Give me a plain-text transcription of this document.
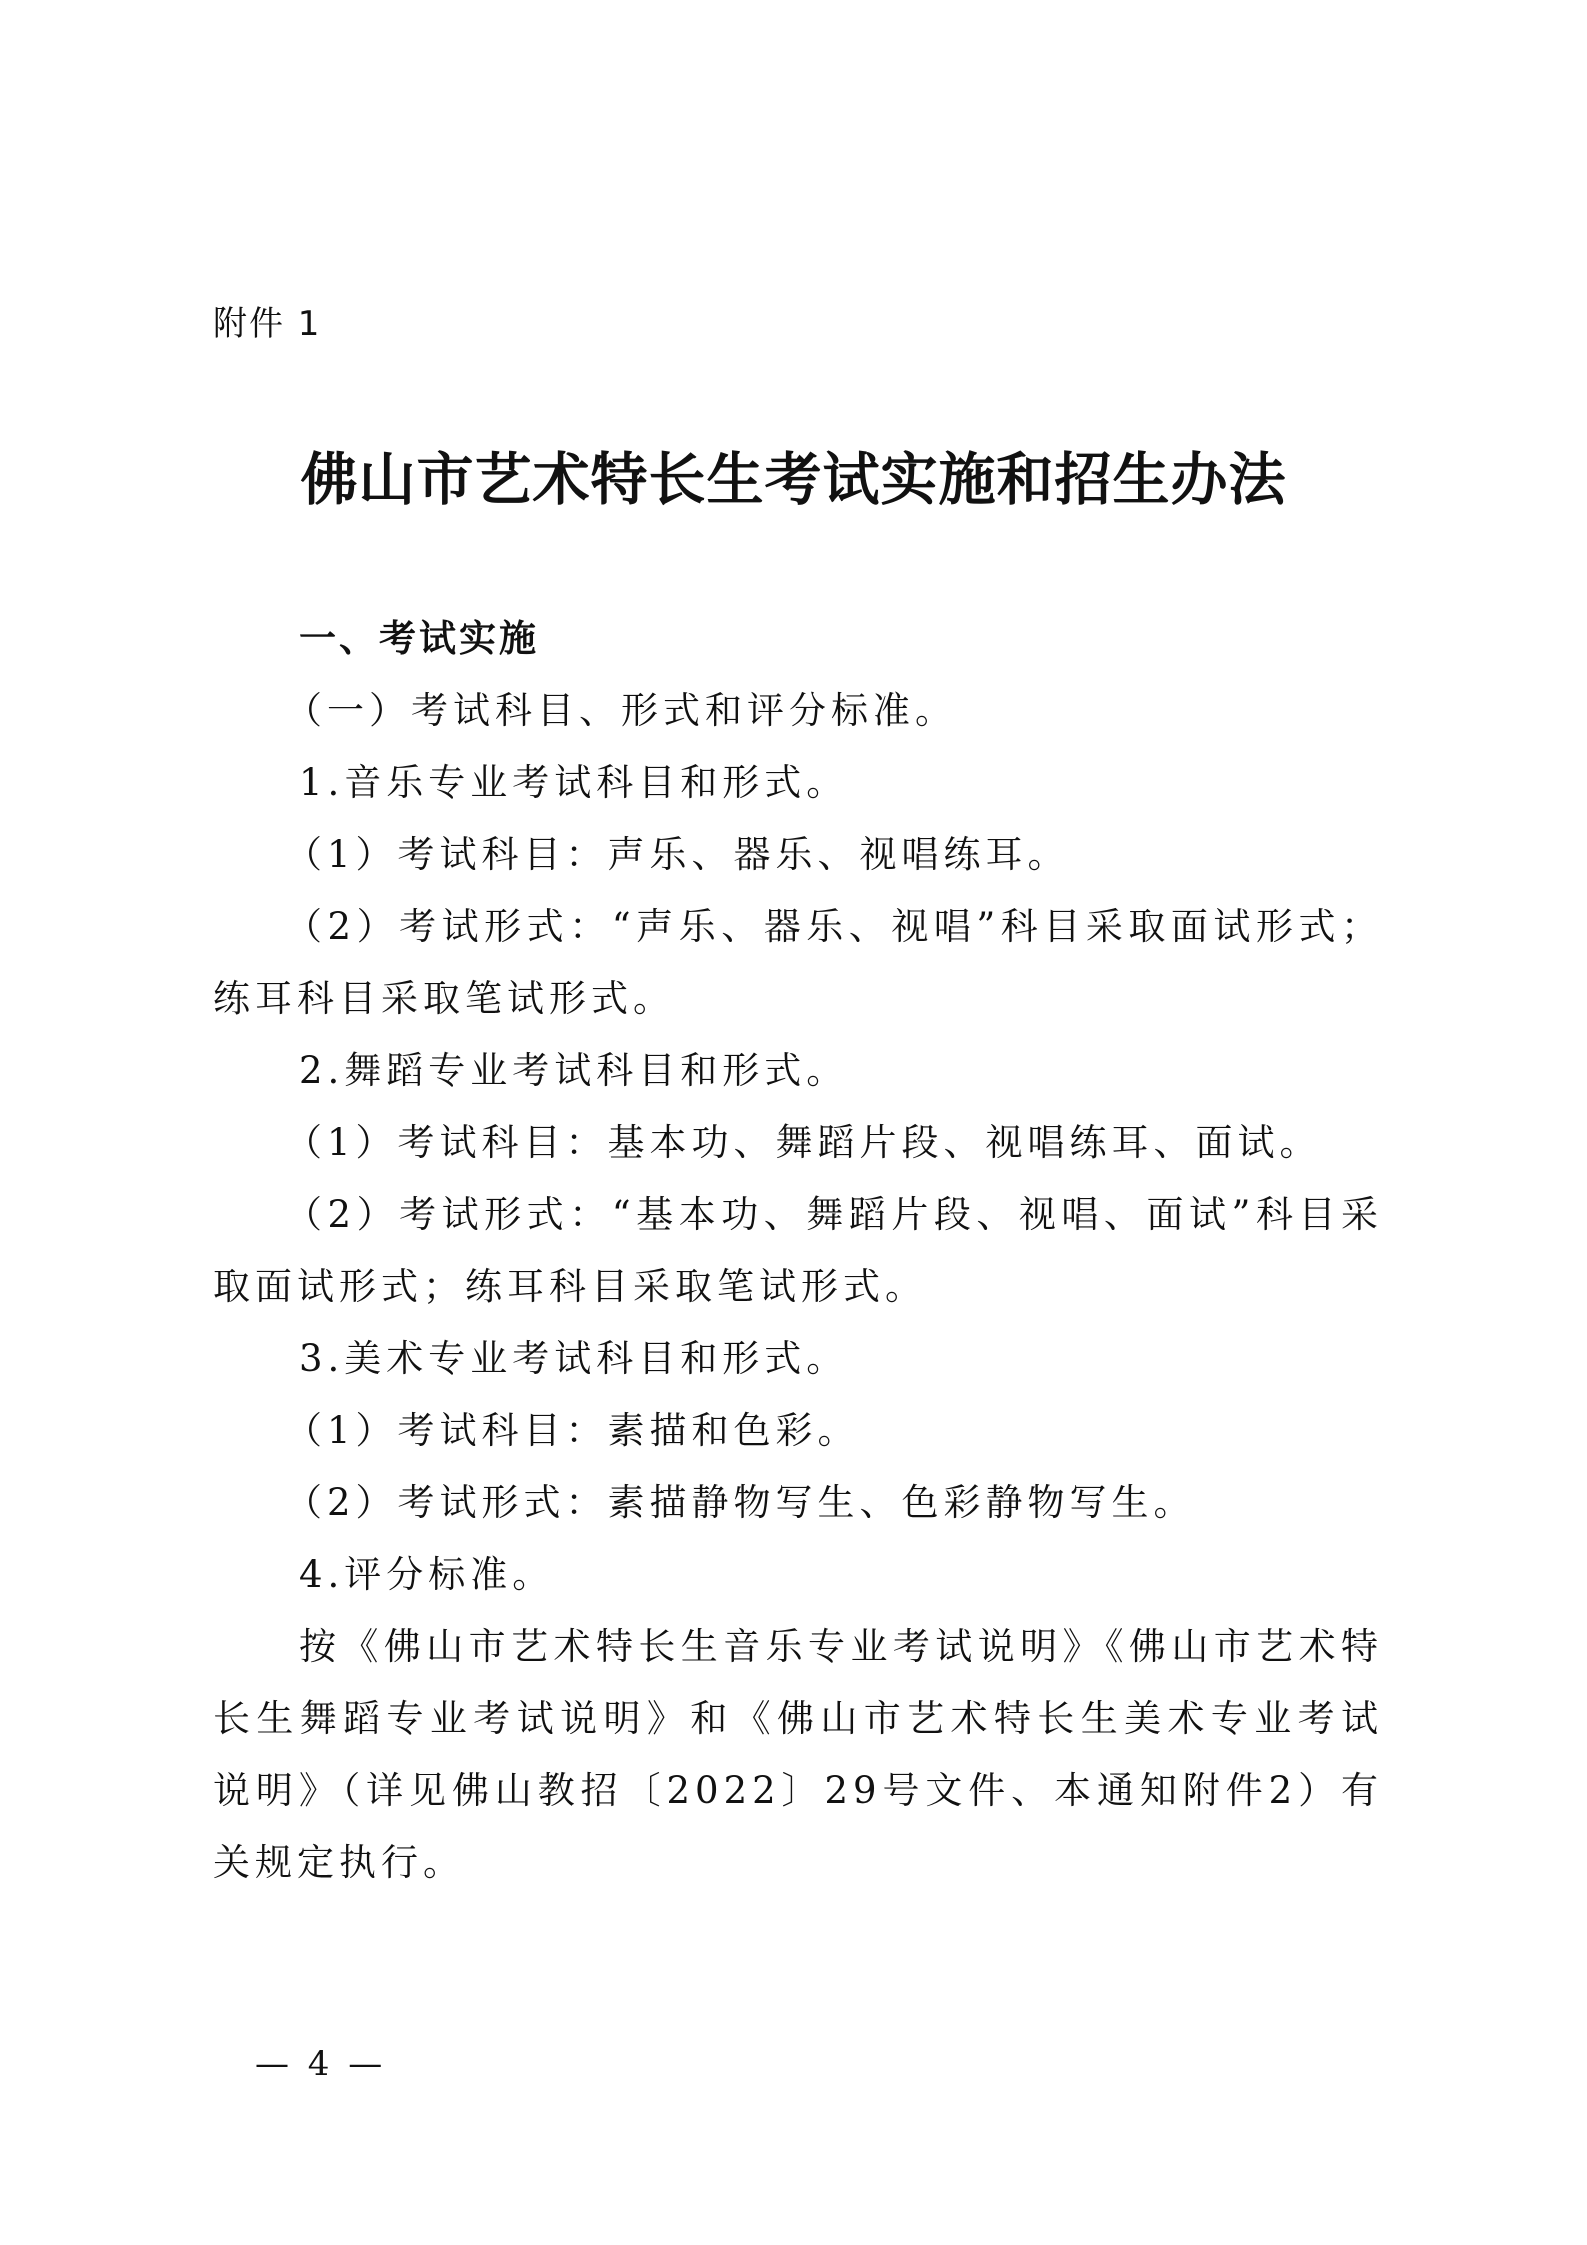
附件 1
佛山市艺术特长生考试实施和招生办法

一、考试实施

（一）考试科目、形式和评分标准。

1.音乐专业考试科目和形式。

（1）考试科目：声乐、器乐、视唱练耳。

（2）考试形式：“声乐、器乐、视唱”科目采取面试形式；练耳科目采取笔试形式。

2.舞蹈专业考试科目和形式。

（1）考试科目：基本功、舞蹈片段、视唱练耳、面试。

（2）考试形式：“基本功、舞蹈片段、视唱、面试”科目采取面试形式；练耳科目采取笔试形式。

3.美术专业考试科目和形式。

（1）考试科目：素描和色彩。

（2）考试形式：素描静物写生、色彩静物写生。

4.评分标准。

按《佛山市艺术特长生音乐专业考试说明》《佛山市艺术特长生舞蹈专业考试说明》和《佛山市艺术特长生美术专业考试说明》（详见佛山教招〔2022〕29号文件、本通知附件2）有关规定执行。

— 4 —
